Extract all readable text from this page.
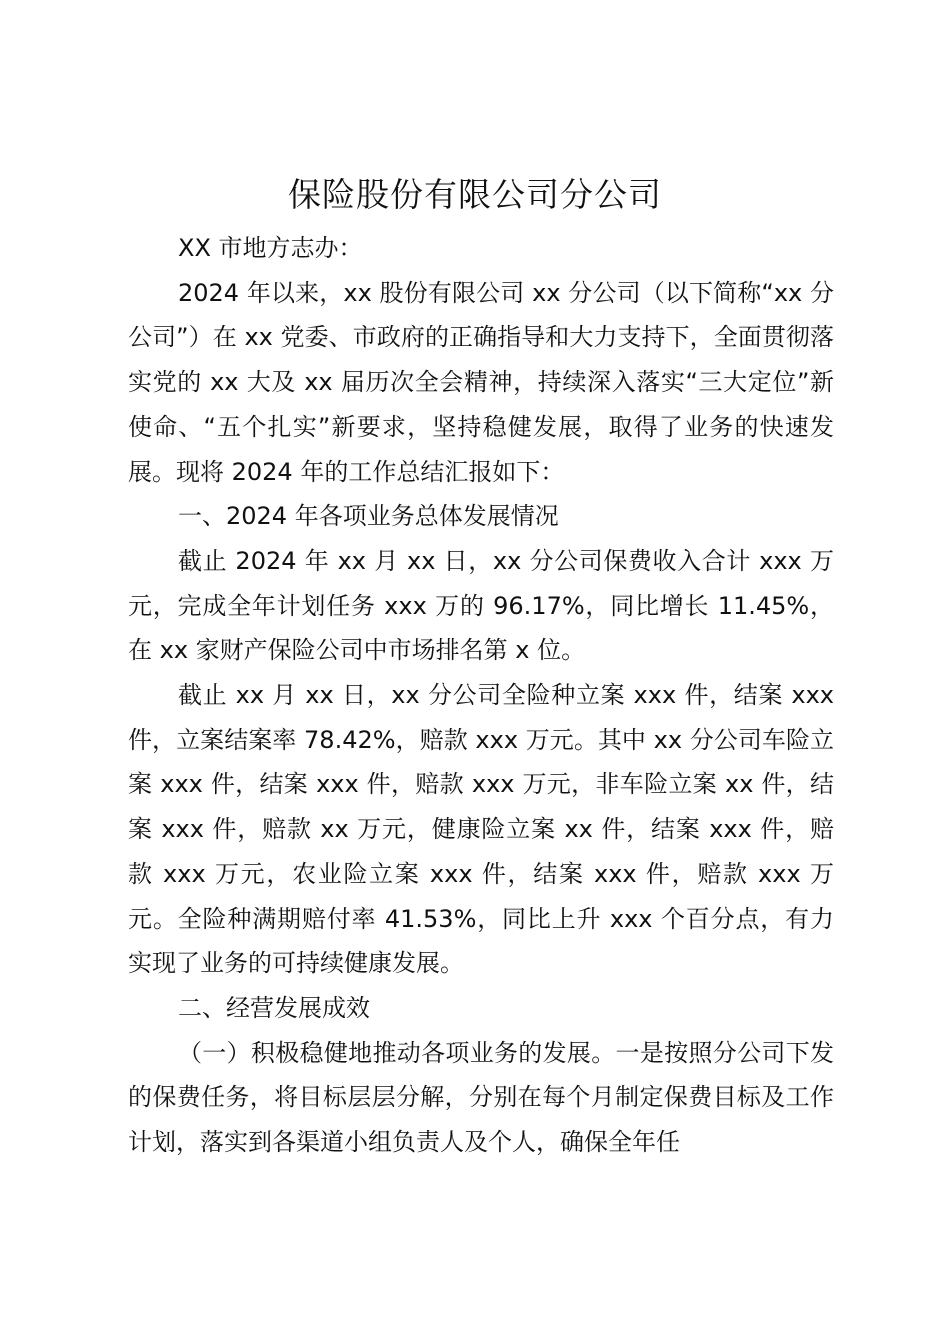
保险股份有限公司分公司

XX 市地方志办：

2024 年以来，xx 股份有限公司 xx 分公司（以下简称“xx 分公司”）在 xx 党委、市政府的正确指导和大力支持下，全面贯彻落实党的 xx 大及 xx 届历次全会精神，持续深入落实“三大定位”新使命、“五个扎实”新要求，坚持稳健发展，取得了业务的快速发展。现将 2024 年的工作总结汇报如下：

一、2024 年各项业务总体发展情况

截止 2024 年 xx 月 xx 日，xx 分公司保费收入合计 xxx 万元，完成全年计划任务 xxx 万的 96.17%，同比增长 11.45%，在 xx 家财产保险公司中市场排名第 x 位。

截止 xx 月 xx 日，xx 分公司全险种立案 xxx 件，结案 xxx 件，立案结案率 78.42%，赔款 xxx 万元。其中 xx 分公司车险立案 xxx 件，结案 xxx 件，赔款 xxx 万元，非车险立案 xx 件，结案 xxx 件，赔款 xx 万元，健康险立案 xx 件，结案 xxx 件，赔款 xxx 万元，农业险立案 xxx 件，结案 xxx 件，赔款 xxx 万元。全险种满期赔付率 41.53%，同比上升 xxx 个百分点，有力实现了业务的可持续健康发展。

二、经营发展成效

（一）积极稳健地推动各项业务的发展。一是按照分公司下发的保费任务，将目标层层分解，分别在每个月制定保费目标及工作计划，落实到各渠道小组负责人及个人，确保全年任
